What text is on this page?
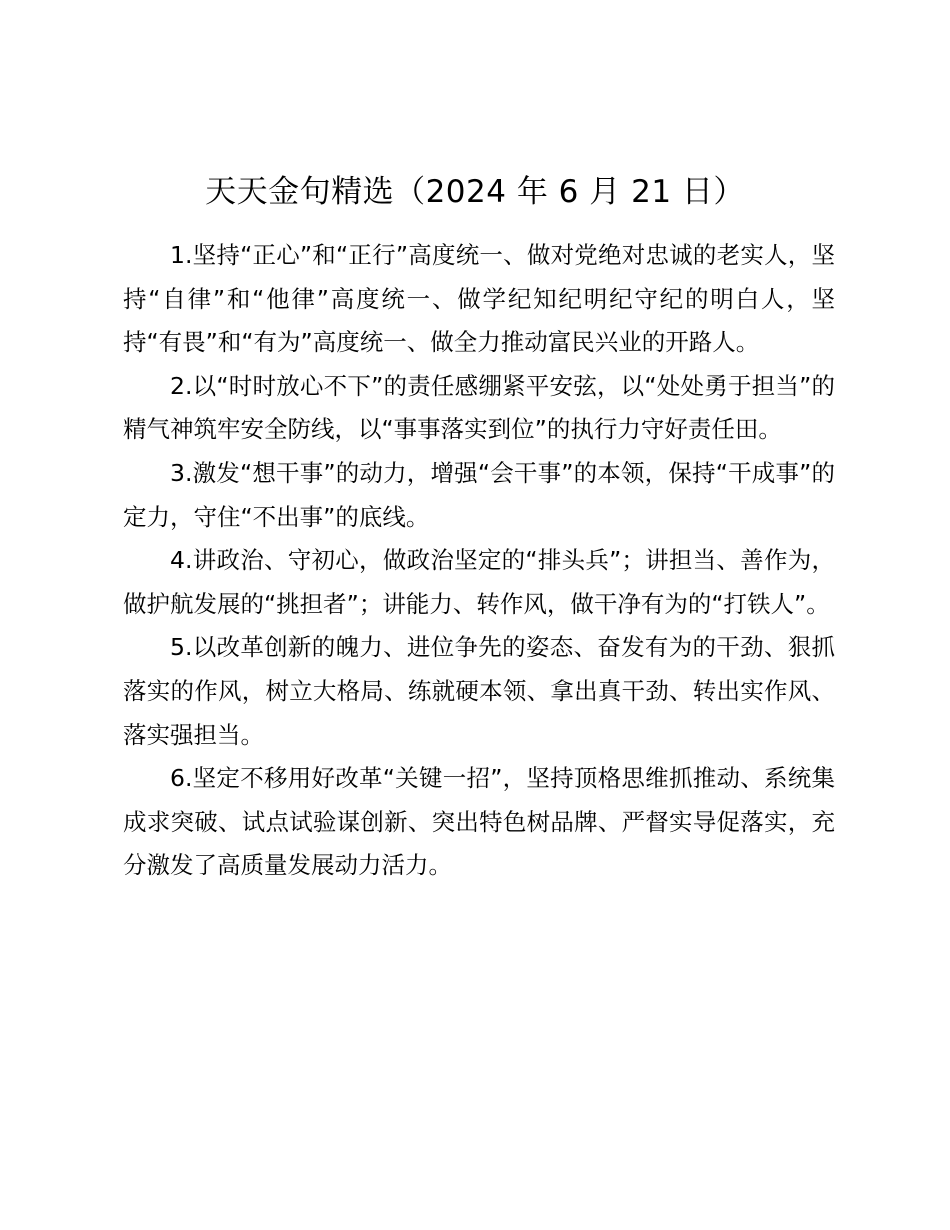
天天金句精选（2024 年 6 月 21 日）

1.坚持“正心”和“正行”高度统一、做对党绝对忠诚的老实人，坚持“自律”和“他律”高度统一、做学纪知纪明纪守纪的明白人，坚持“有畏”和“有为”高度统一、做全力推动富民兴业的开路人。

2.以“时时放心不下”的责任感绷紧平安弦，以“处处勇于担当”的精气神筑牢安全防线，以“事事落实到位”的执行力守好责任田。

3.激发“想干事”的动力，增强“会干事”的本领，保持“干成事”的定力，守住“不出事”的底线。

4.讲政治、守初心，做政治坚定的“排头兵”；讲担当、善作为，做护航发展的“挑担者”；讲能力、转作风，做干净有为的“打铁人”。

5.以改革创新的魄力、进位争先的姿态、奋发有为的干劲、狠抓落实的作风，树立大格局、练就硬本领、拿出真干劲、转出实作风、落实强担当。

6.坚定不移用好改革“关键一招”，坚持顶格思维抓推动、系统集成求突破、试点试验谋创新、突出特色树品牌、严督实导促落实，充分激发了高质量发展动力活力。
